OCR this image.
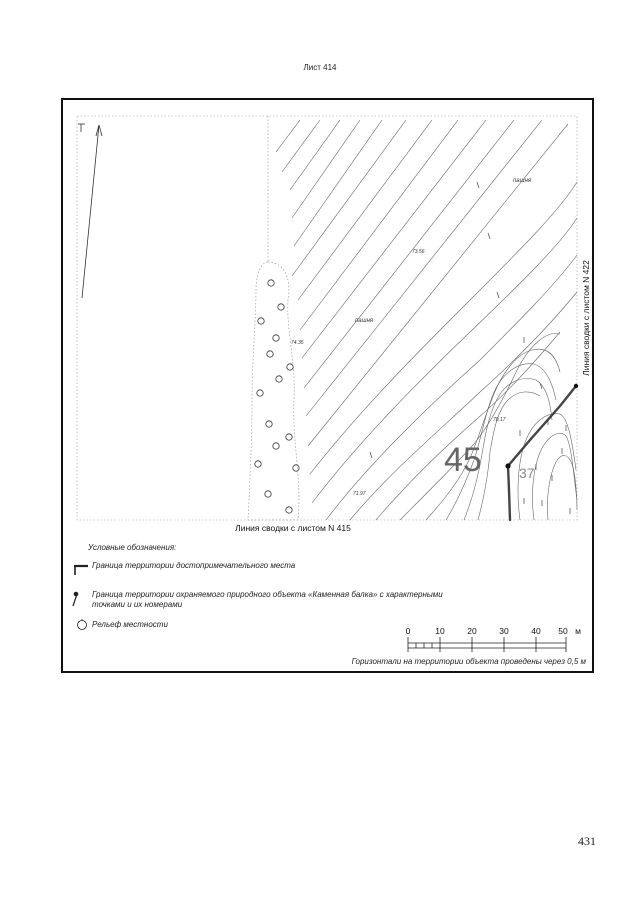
Лист 414
пашня
пашня
73.56
74.35
70.17
71.97
45	37
Линия сводки с листом N 415
Линия сводки с листом N 422
0	10	20	30	40 50 м
Условные обозначения:
Граница территории достопримечательного места
Граница территории охраняемого природного объекта «Каменная балка» с характерными
точками и их номерами
Рельеф местности
Горизонтали на территории объекта проведены через 0,5 м
431
